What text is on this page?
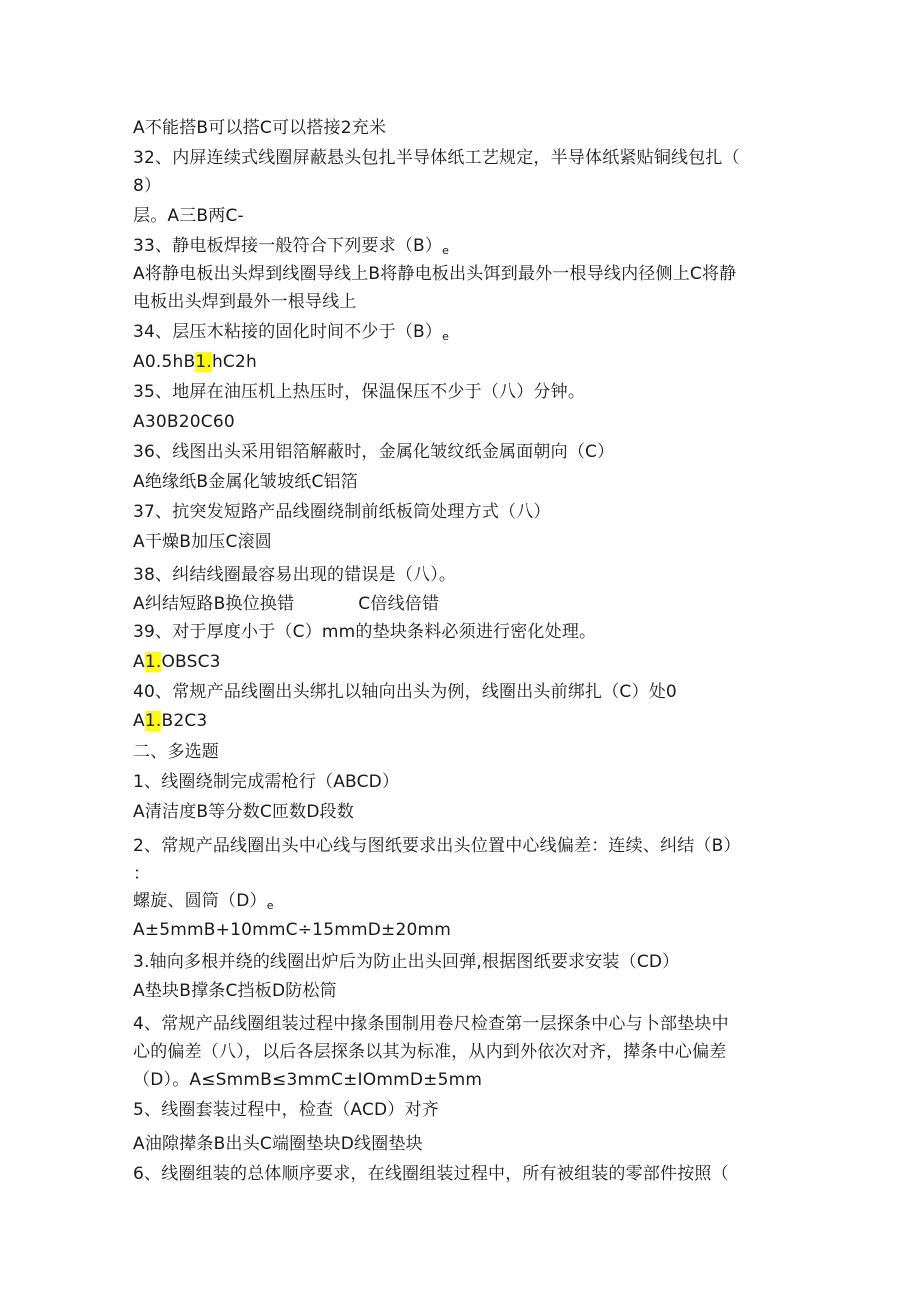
A不能搭B可以搭C可以搭接2充米
32、内屏连续式线圈屏蔽悬头包扎半导体纸工艺规定，半导体纸紧贴铜线包扎（
8）
层。A三B两C-
33、静电板焊接一般符合下列要求（B）e
A将静电板出头焊到线圈导线上B将静电板出头饵到最外一根导线内径侧上C将静
电板出头焊到最外一根导线上
34、层压木粘接的固化时间不少于（B）e
A0.5hB1.hC2h
35、地屏在油压机上热压时，保温保压不少于（八）分钟。
A30B20C60
36、线图出头采用铝箔解蔽时，金属化皱纹纸金属面朝向（C）
A绝缘纸B金属化皱坡纸C铝箔
37、抗突发短路产品线圈绕制前纸板筒处理方式（八）
A干燥B加压C滚圆
38、纠结线圈最容易出现的错误是（八）。
A纠结短路B换位换错	C倍线倍错
39、对于厚度小于（C）mm的垫块条料必须进行密化处理。
A1.OBSC3
40、常规产品线圈出头绑扎以轴向出头为例，线圈出头前绑扎（C）处0
A1.B2C3
二、多选题
1、线圈绕制完成需枪行（ABCD）
A清洁度B等分数C匝数D段数
2、常规产品线圈出头中心线与图纸要求出头位置中心线偏差：连续、纠结（B）
：
螺旋、圆筒（D）e
A±5mmB+10mmC÷15mmD±20mm
3.轴向多根并绕的线圈出炉后为防止出头回弹,根据图纸要求安装（CD）
A垫块B撑条C挡板D防松筒
4、常规产品线圈组装过程中掾条围制用卷尺检查第一层探条中心与卜部垫块中
心的偏差（八），以后各层探条以其为标准，从内到外依次对齐，撵条中心偏差
（D）。A≤SmmB≤3mmC±IOmmD±5mm
5、线圈套装过程中，检查（ACD）对齐
A油隙撵条B出头C端圈垫块D线圈垫块
6、线圈组装的总体顺序要求，在线圈组装过程中，所有被组装的零部件按照（
